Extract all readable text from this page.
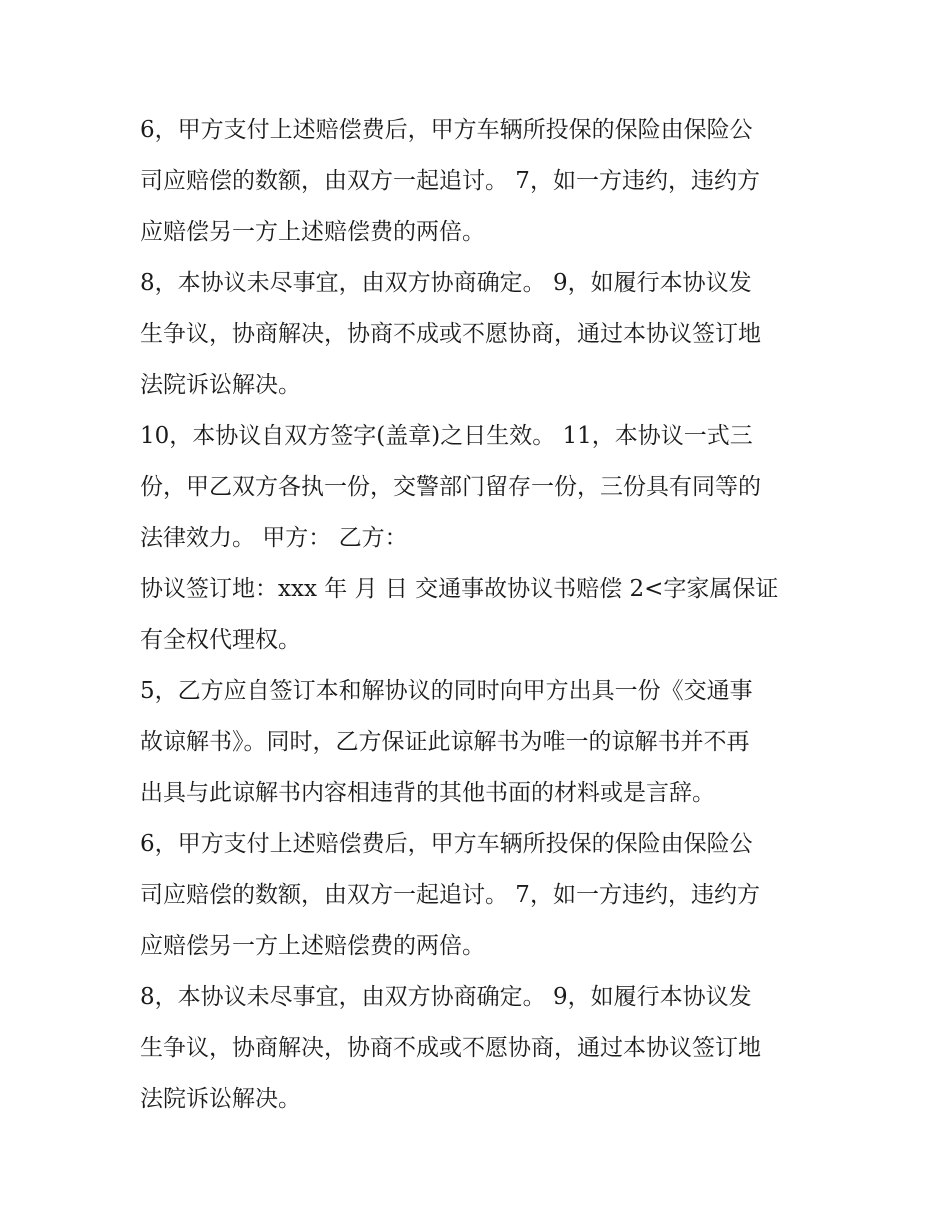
6，甲方支付上述赔偿费后，甲方车辆所投保的保险由保险公
司应赔偿的数额，由双方一起追讨。 7，如一方违约，违约方
应赔偿另一方上述赔偿费的两倍。
8，本协议未尽事宜，由双方协商确定。 9，如履行本协议发
生争议，协商解决，协商不成或不愿协商，通过本协议签订地
法院诉讼解决。
10，本协议自双方签字(盖章)之日生效。 11，本协议一式三
份，甲乙双方各执一份，交警部门留存一份，三份具有同等的
法律效力。 甲方： 乙方：
协议签订地：xxx 年 月 日 交通事故协议书赔偿 2<字家属保证
有全权代理权。
5，乙方应自签订本和解协议的同时向甲方出具一份《交通事
故谅解书》。同时，乙方保证此谅解书为唯一的谅解书并不再
出具与此谅解书内容相违背的其他书面的材料或是言辞。
6，甲方支付上述赔偿费后，甲方车辆所投保的保险由保险公
司应赔偿的数额，由双方一起追讨。 7，如一方违约，违约方
应赔偿另一方上述赔偿费的两倍。
8，本协议未尽事宜，由双方协商确定。 9，如履行本协议发
生争议，协商解决，协商不成或不愿协商，通过本协议签订地
法院诉讼解决。
